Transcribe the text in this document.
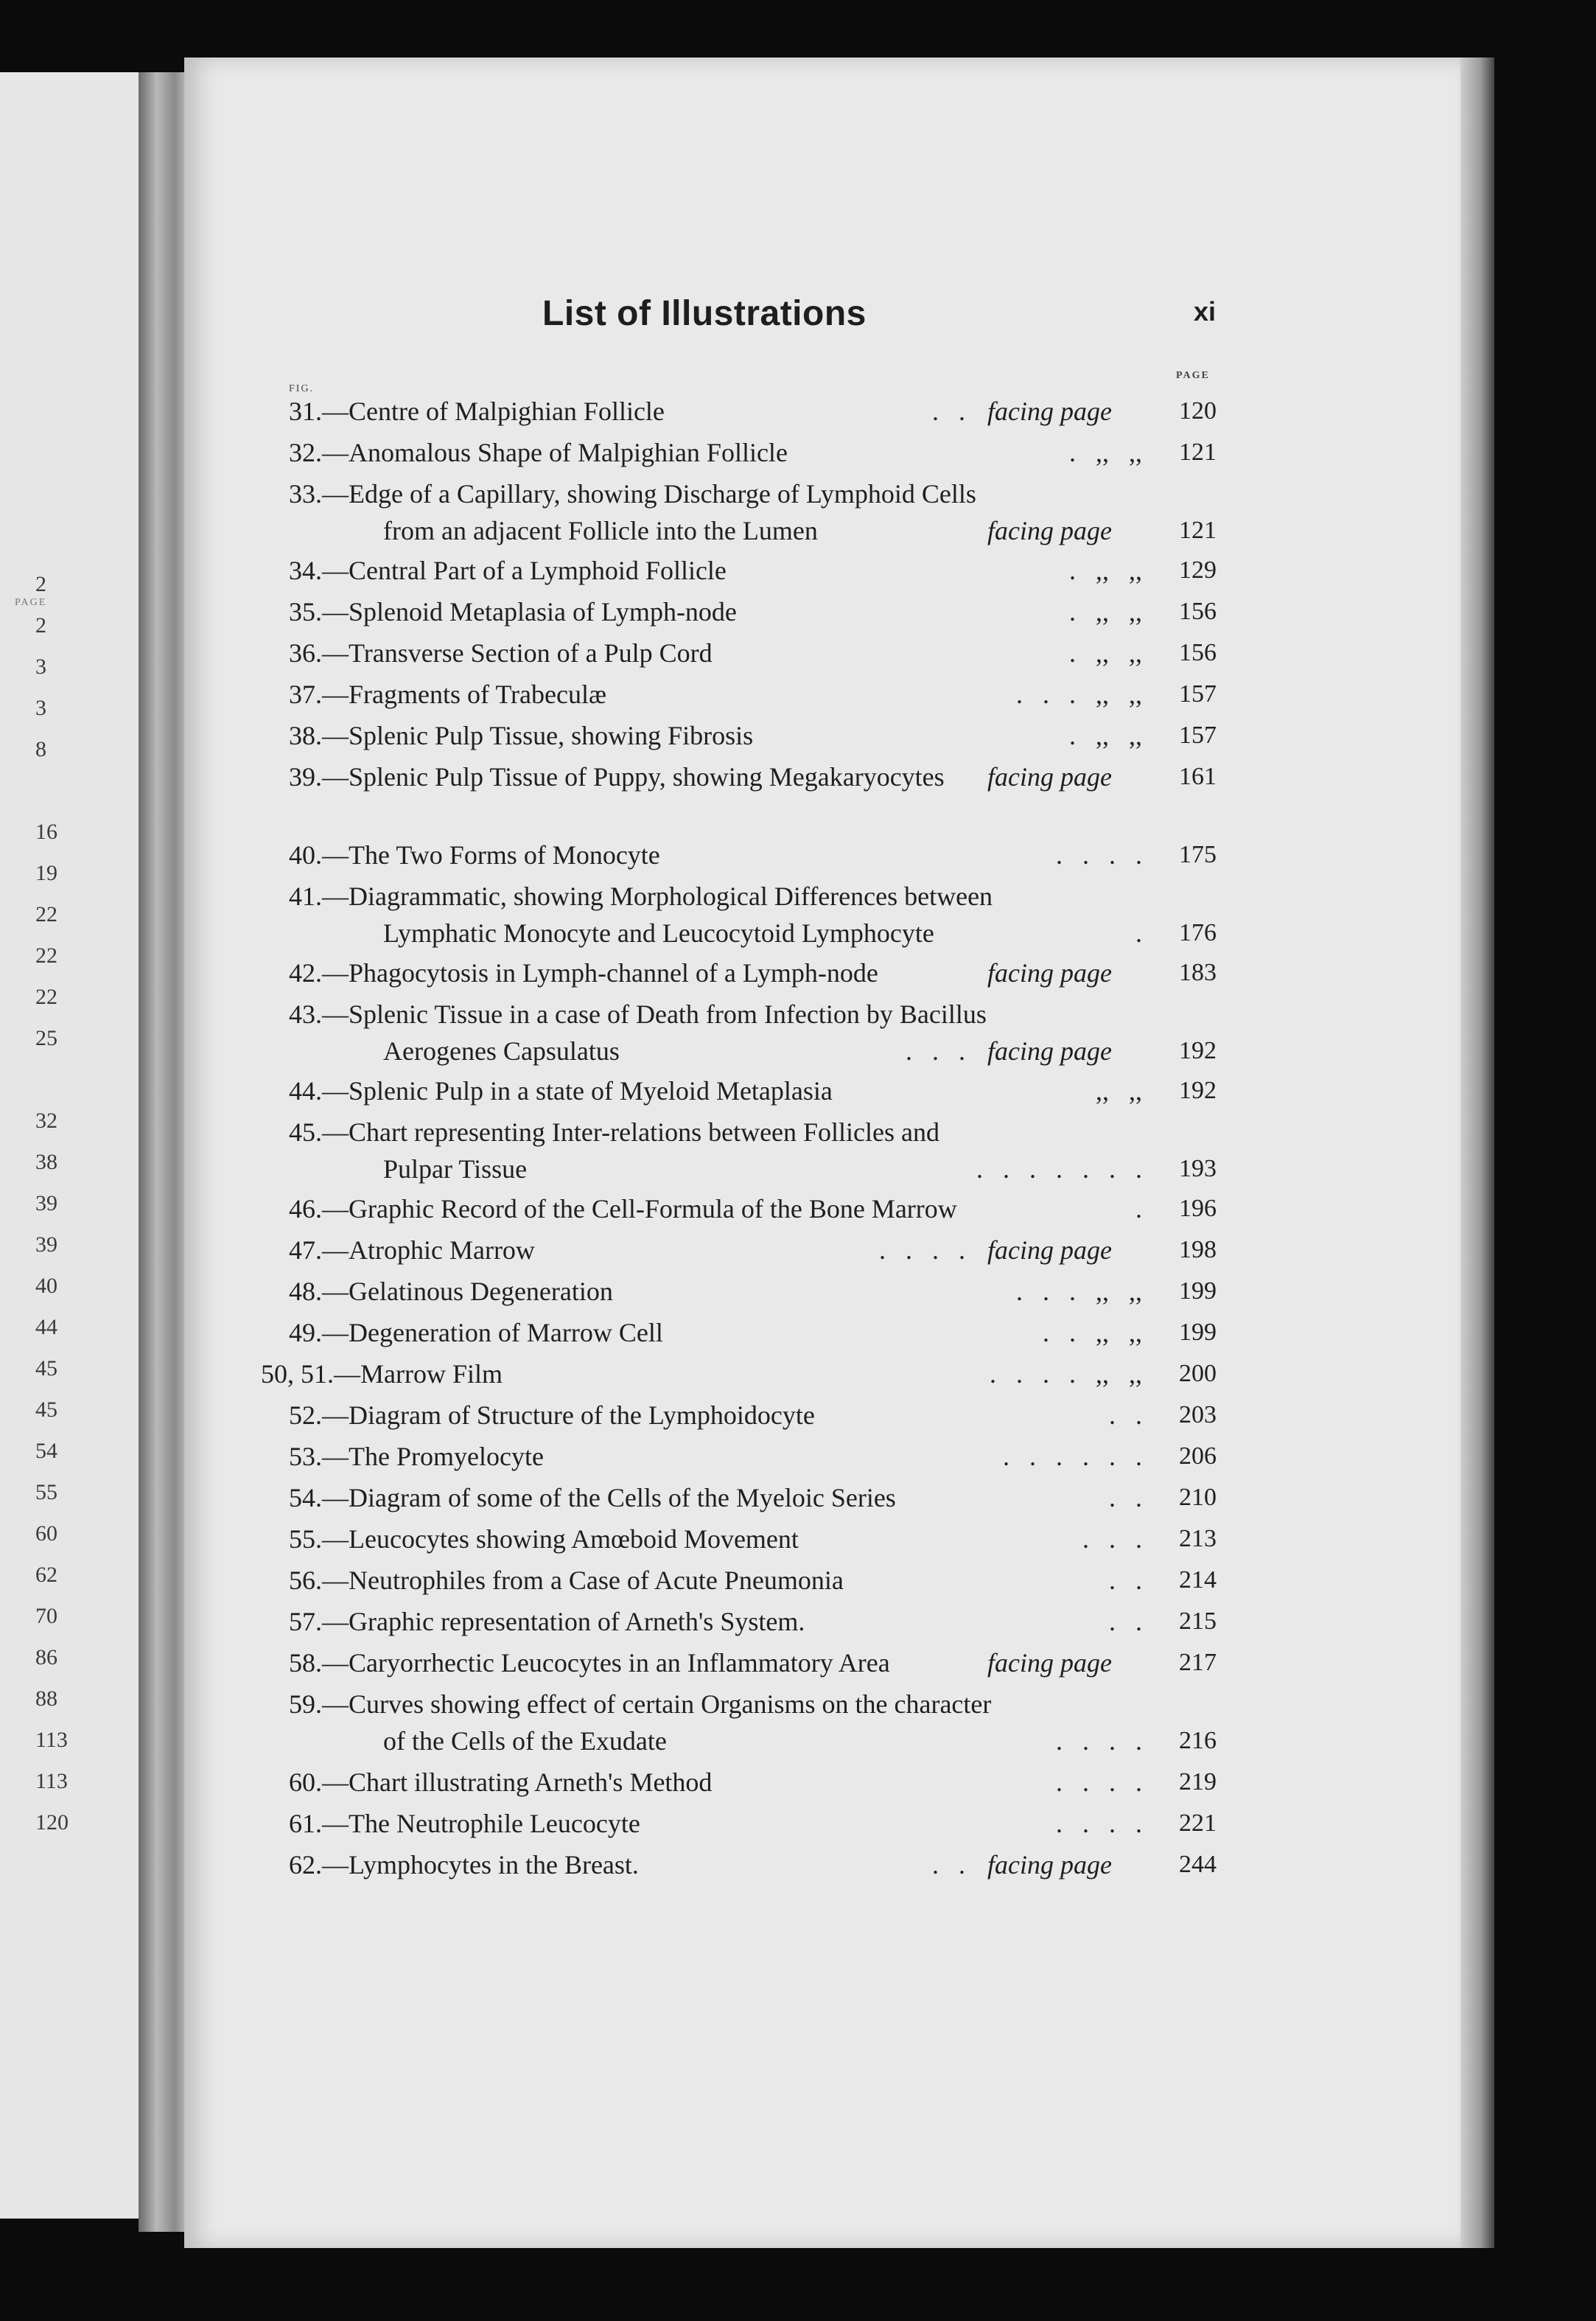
PAGE
2
2
3
3
8
16
19
22
22
22
25
32
38
39
39
40
44
45
45
54
55
60
62
70
86
88
113
113
120
List of Illustrations	xi
FIG.
PAGE
31.—Centre of Malpighian Follicle	.   . facing page	120
32.—Anomalous Shape of Malpighian Follicle	.   ,,   ,, 121
33.—Edge of a Capillary, showing Discharge of Lymphoid Cells
from an adjacent Follicle into the Lumen	facing page	121
34.—Central Part of a Lymphoid Follicle	.   ,,   ,, 129
35.—Splenoid Metaplasia of Lymph-node	.   ,,   ,, 156
36.—Transverse Section of a Pulp Cord	.   ,,   ,, 156
37.—Fragments of Trabeculæ	.   .   .   ,,   ,, 157
38.—Splenic Pulp Tissue, showing Fibrosis	.   ,,   ,, 157
39.—Splenic Pulp Tissue of Puppy, showing Megakaryocytes facing page	161
40.—The Two Forms of Monocyte	.   .   .   . 175
41.—Diagrammatic, showing Morphological Differences between
Lymphatic Monocyte and Leucocytoid Lymphocyte	. 176
42.—Phagocytosis in Lymph-channel of a Lymph-node	facing page	183
43.—Splenic Tissue in a case of Death from Infection by Bacillus
Aerogenes Capsulatus	.   .   . facing page	192
44.—Splenic Pulp in a state of Myeloid Metaplasia	,,   ,, 192
45.—Chart representing Inter-relations between Follicles and
Pulpar Tissue	.   .   .   .   .   .   . 193
46.—Graphic Record of the Cell-Formula of the Bone Marrow	. 196
47.—Atrophic Marrow	.   .   .   . facing page	198
48.—Gelatinous Degeneration	.   .   .   ,,   ,, 199
49.—Degeneration of Marrow Cell	.   .   ,,   ,, 199
50, 51.—Marrow Film	.   .   .   .   ,,   ,, 200
52.—Diagram of Structure of the Lymphoidocyte	.   . 203
53.—The Promyelocyte	.   .   .   .   .   . 206
54.—Diagram of some of the Cells of the Myeloic Series	.   . 210
55.—Leucocytes showing Amœboid Movement	.   .   . 213
56.—Neutrophiles from a Case of Acute Pneumonia	.   . 214
57.—Graphic representation of Arneth's System.	.   . 215
58.—Caryorrhectic Leucocytes in an Inflammatory Area	facing page	217
59.—Curves showing effect of certain Organisms on the character
of the Cells of the Exudate	.   .   .   . 216
60.—Chart illustrating Arneth's Method	.   .   .   . 219
61.—The Neutrophile Leucocyte	.   .   .   . 221
62.—Lymphocytes in the Breast.	.   . facing page	244
